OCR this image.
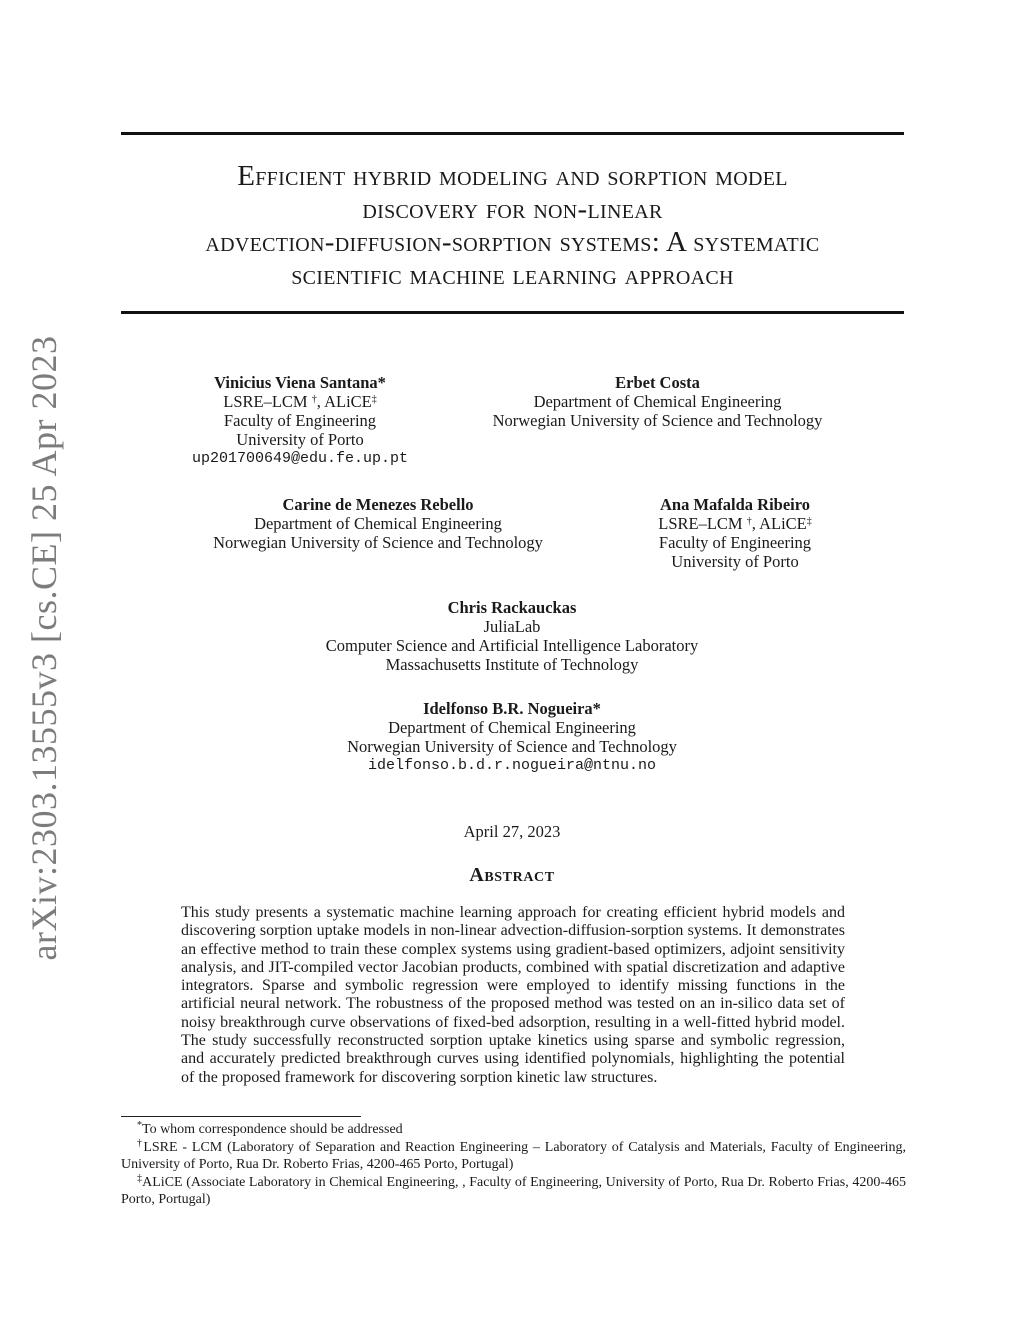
Efficient hybrid modeling and sorption model
discovery for non-linear
advection-diffusion-sorption systems: A systematic
scientific machine learning approach
arXiv:2303.13555v3 [cs.CE] 25 Apr 2023	Vinicius Viena Santana*
LSRE–LCM †, ALiCE‡
Faculty of Engineering
University of Porto
up201700649@edu.fe.up.pt
Erbet Costa
Department of Chemical Engineering
Norwegian University of Science and Technology
Carine de Menezes Rebello
Department of Chemical Engineering
Norwegian University of Science and Technology
Ana Mafalda Ribeiro
LSRE–LCM †, ALiCE‡
Faculty of Engineering
University of Porto
Chris Rackauckas
JuliaLab
Computer Science and Artificial Intelligence Laboratory
Massachusetts Institute of Technology
Idelfonso B.R. Nogueira*
Department of Chemical Engineering
Norwegian University of Science and Technology
idelfonso.b.d.r.nogueira@ntnu.no
April 27, 2023
Abstract
This study presents a systematic machine learning approach for creating efficient hybrid models and discovering sorption uptake models in non-linear advection-diffusion-sorption systems. It demonstrates an effective method to train these complex systems using gradient-based optimizers, adjoint sensitivity analysis, and JIT-compiled vector Jacobian products, combined with spatial discretization and adaptive integrators. Sparse and symbolic regression were employed to identify missing functions in the artificial neural network. The robustness of the proposed method was tested on an in-silico data set of noisy breakthrough curve observations of fixed-bed adsorption, resulting in a well-fitted hybrid model. The study successfully reconstructed sorption uptake kinetics using sparse and symbolic regression, and accurately predicted breakthrough curves using identified polynomials, highlighting the potential of the proposed framework for discovering sorption kinetic law structures.

*To whom correspondence should be addressed

†LSRE - LCM (Laboratory of Separation and Reaction Engineering – Laboratory of Catalysis and Materials, Faculty of Engineering, University of Porto, Rua Dr. Roberto Frias, 4200-465 Porto, Portugal)

‡ALiCE (Associate Laboratory in Chemical Engineering, , Faculty of Engineering, University of Porto, Rua Dr. Roberto Frias, 4200-465 Porto, Portugal)
